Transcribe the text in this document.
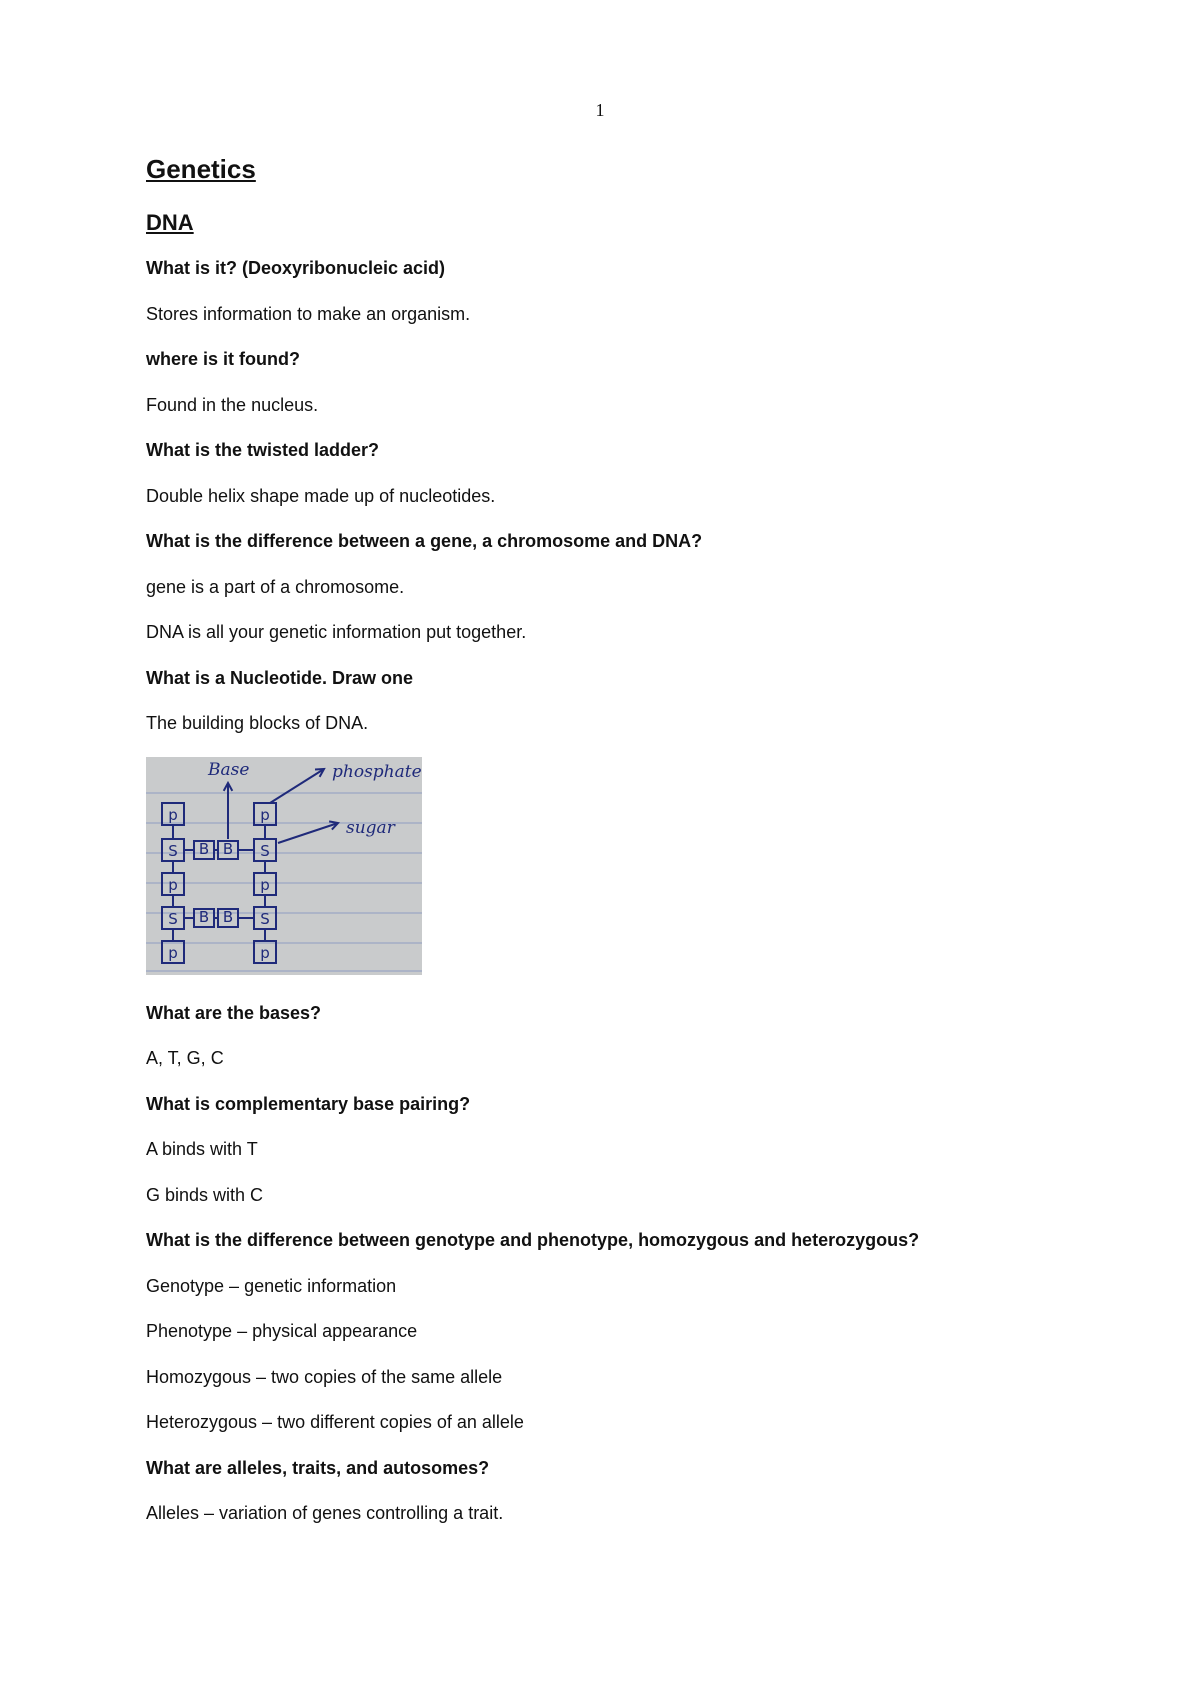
1
Genetics
DNA
What is it? (Deoxyribonucleic acid)
Stores information to make an organism.
where is it found?
Found in the nucleus.
What is the twisted ladder?
Double helix shape made up of nucleotides.
What is the difference between a gene, a chromosome and DNA?
gene is a part of a chromosome.
DNA is all your genetic information put together.
What is a Nucleotide. Draw one
The building blocks of DNA.
p
S
p
S
p
p
S
p
S
p
B B
B B
Base	phosphate
sugar
What are the bases?
A, T, G, C
What is complementary base pairing?
A binds with T
G binds with C
What is the difference between genotype and phenotype, homozygous and heterozygous?
Genotype – genetic information
Phenotype – physical appearance
Homozygous – two copies of the same allele
Heterozygous – two different copies of an allele
What are alleles, traits, and autosomes?
Alleles – variation of genes controlling a trait.
